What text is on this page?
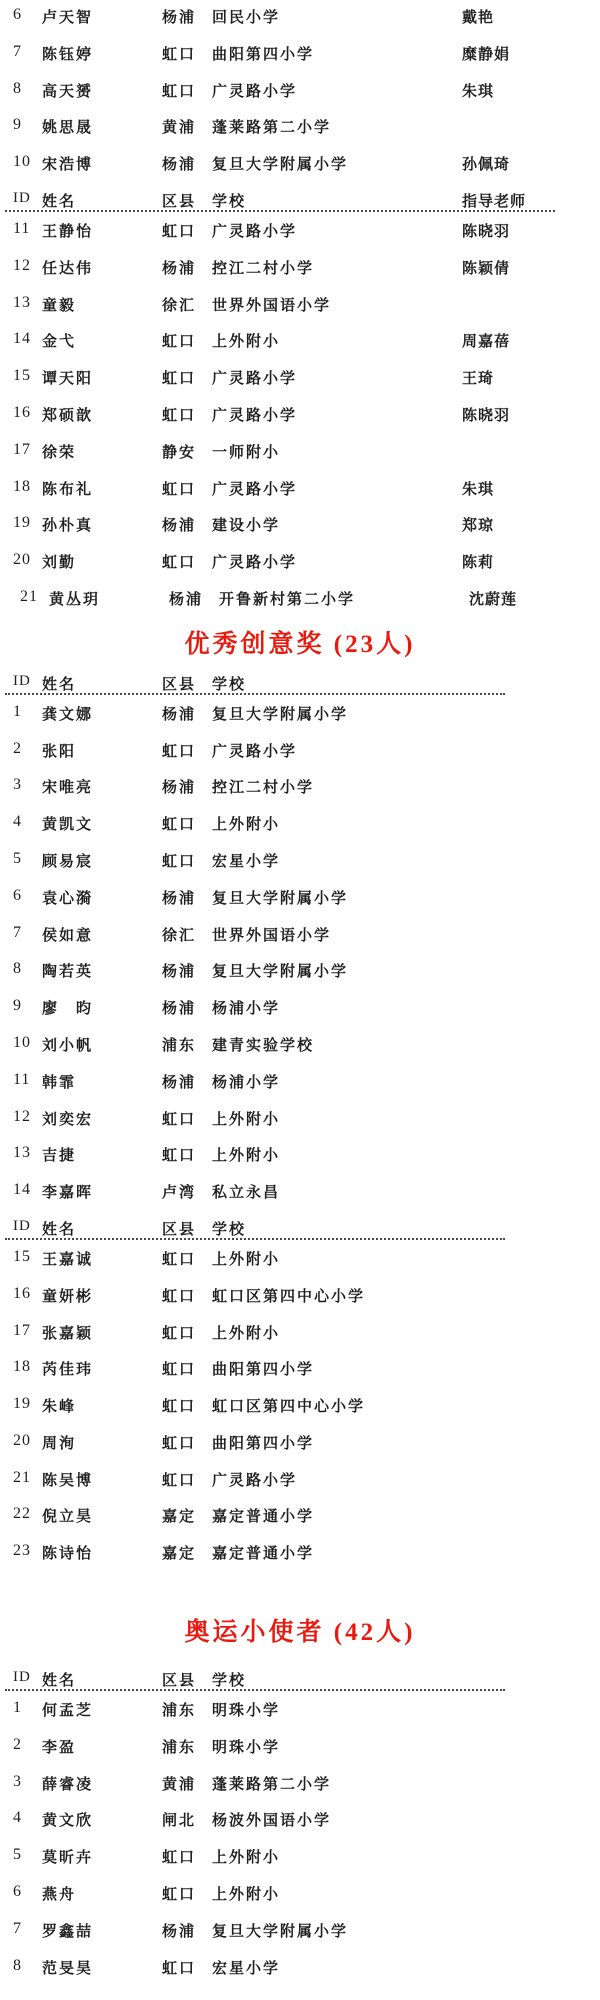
6 卢天智	杨浦 回民小学	戴艳
7 陈钰婷	虹口 曲阳第四小学	糜静娟
8 高天赟	虹口 广灵路小学	朱琪
9 姚思晟	黄浦 蓬莱路第二小学
10 宋浩博	杨浦 复旦大学附属小学	孙佩琦
ID 姓名	区县 学校	指导老师
11 王静怡	虹口 广灵路小学	陈晓羽
12 任达伟	杨浦 控江二村小学	陈颖倩
13 童毅	徐汇 世界外国语小学
14 金弋	虹口 上外附小	周嘉蓓
15 谭天阳	虹口 广灵路小学	王琦
16 郑硕歆	虹口 广灵路小学	陈晓羽
17 徐荣	静安 一师附小
18 陈布礼	虹口 广灵路小学	朱琪
19 孙朴真	杨浦 建设小学	郑琼
20 刘勤	虹口 广灵路小学	陈莉
21 黄丛玥	杨浦 开鲁新村第二小学	沈蔚莲
优秀创意奖 (23人)
ID 姓名	区县 学校
1 龚文娜	杨浦 复旦大学附属小学
2 张阳	虹口 广灵路小学
3 宋唯亮	杨浦 控江二村小学
4 黄凯文	虹口 上外附小
5 顾易宸	虹口 宏星小学
6 袁心漪	杨浦 复旦大学附属小学
7 侯如意	徐汇 世界外国语小学
8 陶若英	杨浦 复旦大学附属小学
9 廖　昀	杨浦 杨浦小学
10 刘小帆	浦东 建青实验学校
11 韩霏	杨浦 杨浦小学
12 刘奕宏	虹口 上外附小
13 吉捷	虹口 上外附小
14 李嘉晖	卢湾 私立永昌
ID 姓名	区县 学校
15 王嘉诚	虹口 上外附小
16 童妍彬	虹口 虹口区第四中心小学
17 张嘉颖	虹口 上外附小
18 芮佳玮	虹口 曲阳第四小学
19 朱峰	虹口 虹口区第四中心小学
20 周洵	虹口 曲阳第四小学
21 陈吴博	虹口 广灵路小学
22 倪立昊	嘉定 嘉定普通小学
23 陈诗怡	嘉定 嘉定普通小学
奥运小使者 (42人)
ID 姓名	区县 学校
1 何孟芝	浦东 明珠小学
2 李盈	浦东 明珠小学
3 薛睿凌	黄浦 蓬莱路第二小学
4 黄文欣	闸北 杨波外国语小学
5 莫昕卉	虹口 上外附小
6 燕舟	虹口 上外附小
7 罗鑫喆	杨浦 复旦大学附属小学
8 范旻昊	虹口 宏星小学
